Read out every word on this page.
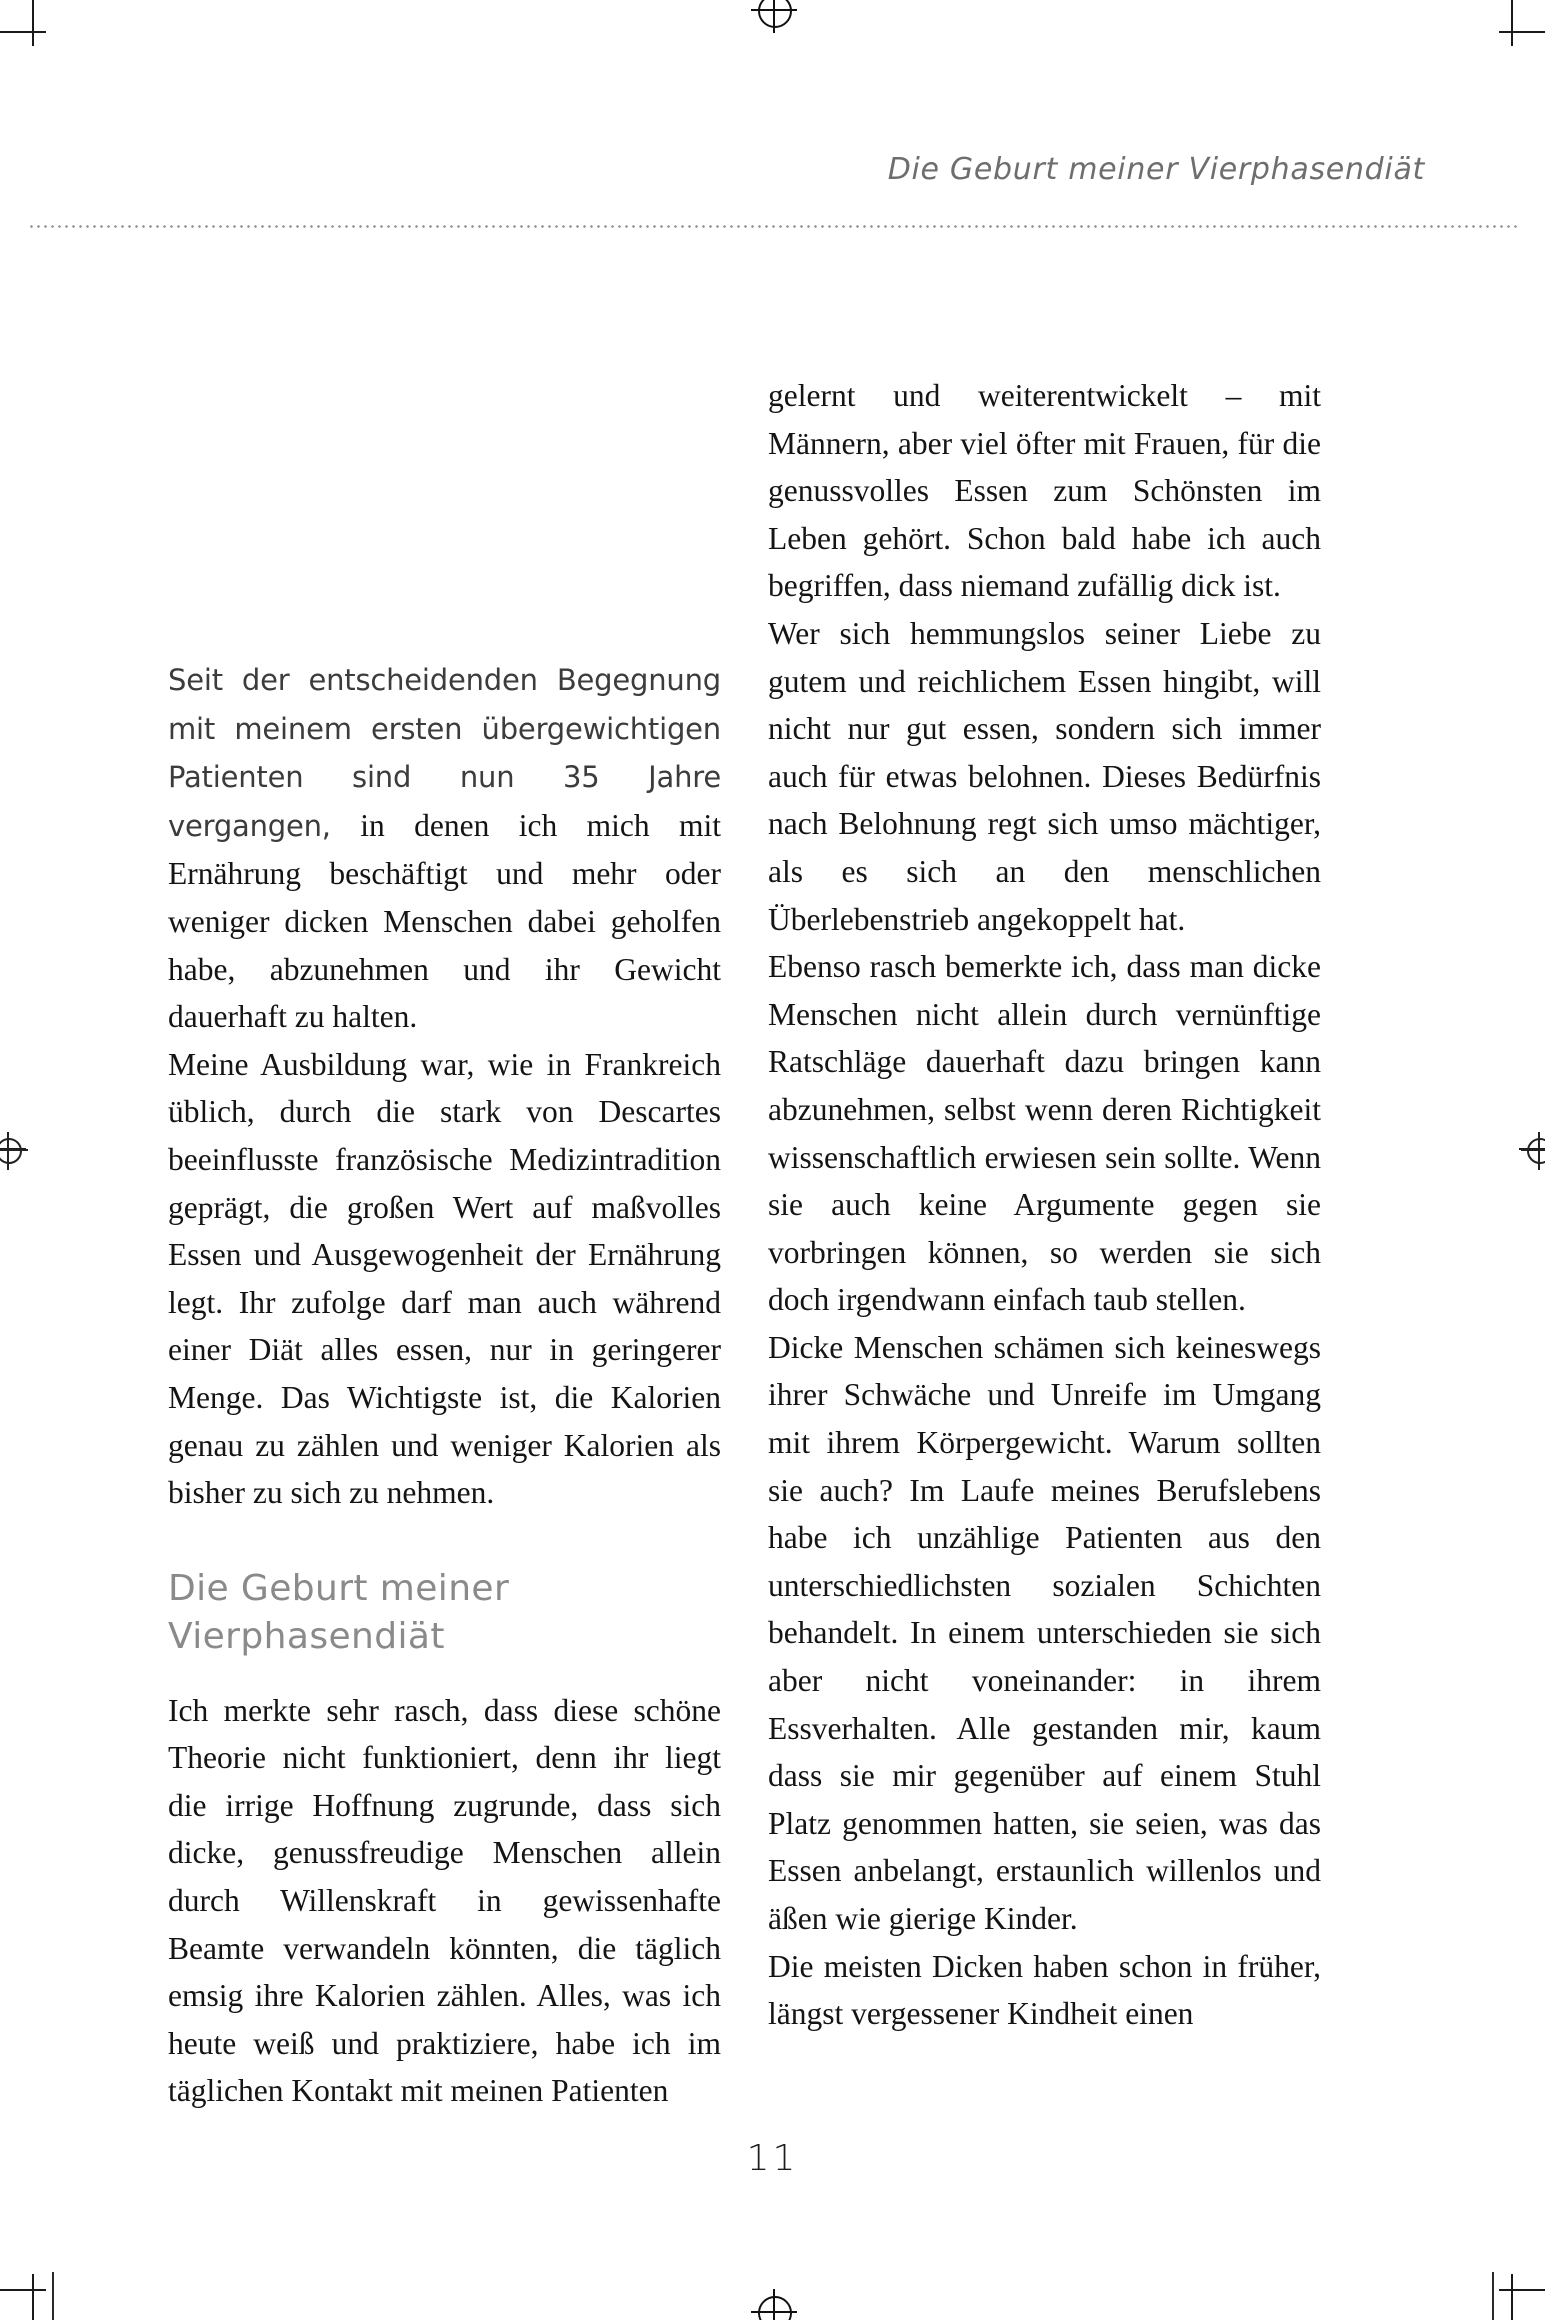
Die Geburt meiner Vierphasendiät

Seit der entscheidenden Begegnung mit meinem ersten übergewichtigen Patienten sind nun 35 Jahre vergangen, in denen ich mich mit Ernährung beschäftigt und mehr oder weniger dicken Menschen dabei geholfen habe, abzunehmen und ihr Gewicht dauerhaft zu halten.

Meine Ausbildung war, wie in Frankreich üblich, durch die stark von Descartes beeinflusste französische Medizintradition geprägt, die großen Wert auf maßvolles Essen und Ausgewogenheit der Ernährung legt. Ihr zufolge darf man auch während einer Diät alles essen, nur in geringerer Menge. Das Wichtigste ist, die Kalorien genau zu zählen und weniger Kalorien als bisher zu sich zu nehmen.

Die Geburt meiner Vierphasendiät

Ich merkte sehr rasch, dass diese schöne Theorie nicht funktioniert, denn ihr liegt die irrige Hoffnung zugrunde, dass sich dicke, genussfreudige Menschen allein durch Willenskraft in gewissenhafte Beamte verwandeln könnten, die täglich emsig ihre Kalorien zählen. Alles, was ich heute weiß und praktiziere, habe ich im täglichen Kontakt mit meinen Patienten

gelernt und weiterentwickelt – mit Männern, aber viel öfter mit Frauen, für die genussvolles Essen zum Schönsten im Leben gehört. Schon bald habe ich auch begriffen, dass niemand zufällig dick ist.

Wer sich hemmungslos seiner Liebe zu gutem und reichlichem Essen hingibt, will nicht nur gut essen, sondern sich immer auch für etwas belohnen. Dieses Bedürfnis nach Belohnung regt sich umso mächtiger, als es sich an den menschlichen Überlebenstrieb angekoppelt hat.

Ebenso rasch bemerkte ich, dass man dicke Menschen nicht allein durch vernünftige Ratschläge dauerhaft dazu bringen kann abzunehmen, selbst wenn deren Richtigkeit wissenschaftlich erwiesen sein sollte. Wenn sie auch keine Argumente gegen sie vorbringen können, so werden sie sich doch irgendwann einfach taub stellen.

Dicke Menschen schämen sich keineswegs ihrer Schwäche und Unreife im Umgang mit ihrem Körpergewicht. Warum sollten sie auch? Im Laufe meines Berufslebens habe ich unzählige Patienten aus den unterschiedlichsten sozialen Schichten behandelt. In einem unterschieden sie sich aber nicht voneinander: in ihrem Essverhalten. Alle gestanden mir, kaum dass sie mir gegenüber auf einem Stuhl Platz genommen hatten, sie seien, was das Essen anbelangt, erstaunlich willenlos und äßen wie gierige Kinder.

Die meisten Dicken haben schon in früher, längst vergessener Kindheit einen

11
